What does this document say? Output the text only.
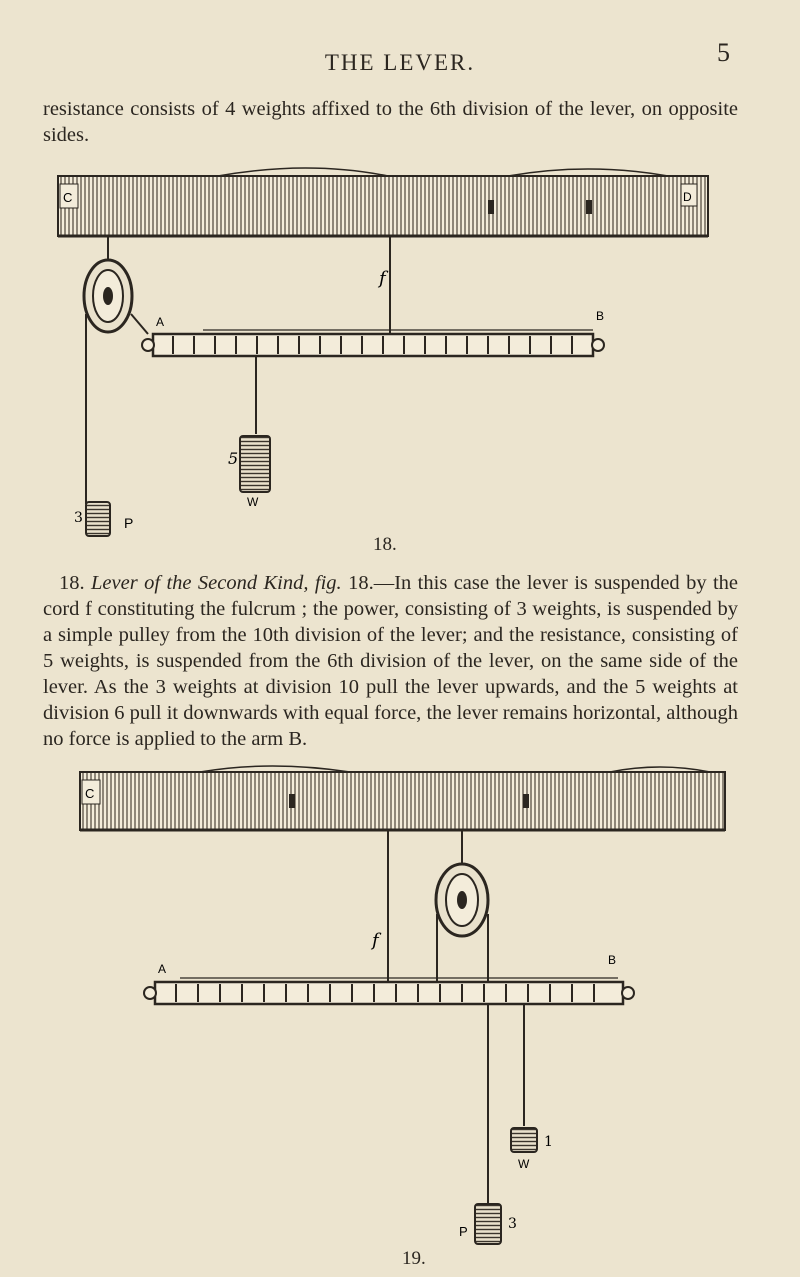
THE LEVER.	5

resistance consists of 4 weights affixed to the 6th division of the lever, on opposite sides.

C	D
f
A	B
5
W
3	P
18.

18. Lever of the Second Kind, fig. 18.—In this case the lever is suspended by the cord f constituting the fulcrum ; the power, consisting of 3 weights, is suspended by a simple pulley from the 10th division of the lever; and the resistance, consisting of 5 weights, is suspended from the 6th division of the lever, on the same side of the lever. As the 3 weights at division 10 pull the lever upwards, and the 5 weights at division 6 pull it downwards with equal force, the lever remains horizontal, although no force is applied to the arm B.

C
f
A
B
1
W
P	3
19.
